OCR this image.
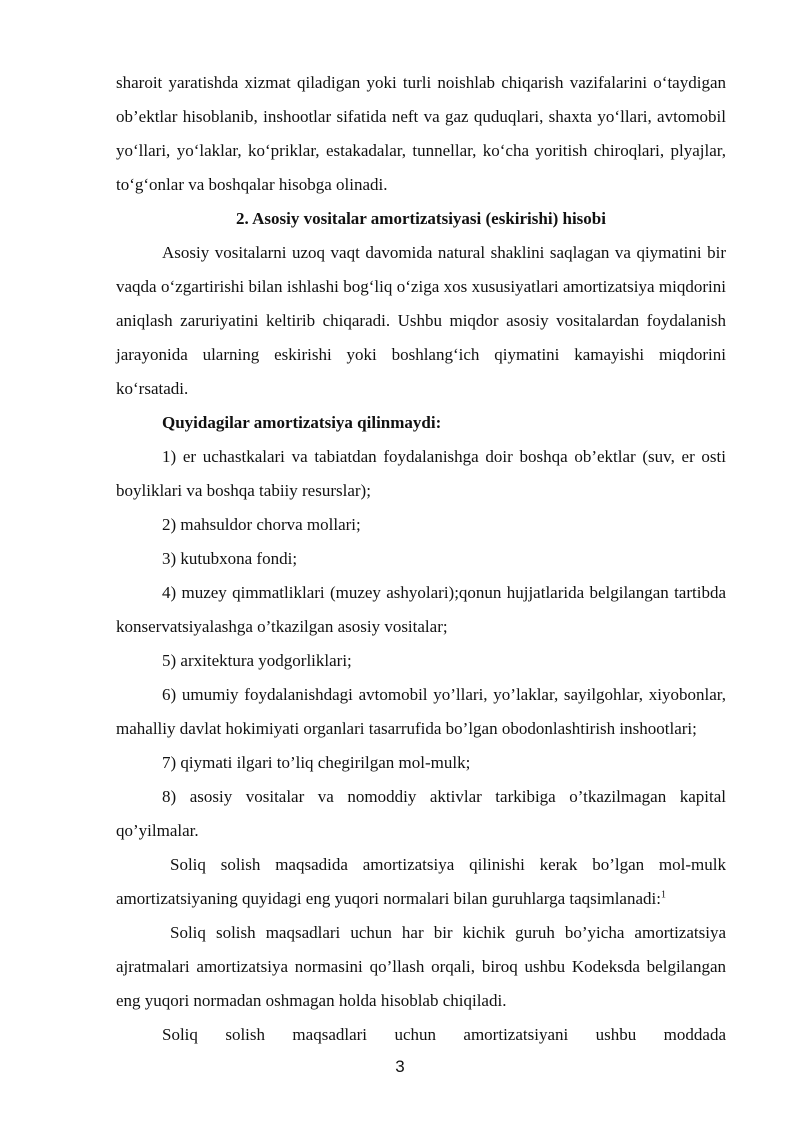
sharoit yaratishda xizmat qiladigan yoki turli noishlab chiqarish vazifalarini o‘taydigan ob’ektlar hisoblanib, inshootlar sifatida neft va gaz quduqlari, shaxta yo‘llari, avtomobil yo‘llari, yo‘laklar, ko‘priklar, estakadalar, tunnellar, ko‘cha yoritish chiroqlari, plyajlar, to‘g‘onlar va boshqalar hisobga olinadi.

2. Asosiy vositalar amortizatsiyasi (eskirishi) hisobi

Asosiy vositalarni uzoq vaqt davomida natural shaklini saqlagan va qiymatini bir vaqda o‘zgartirishi bilan ishlashi bog‘liq o‘ziga xos xususiyatlari amortizatsiya miqdorini aniqlash zaruriyatini keltirib chiqaradi. Ushbu miqdor asosiy vositalardan foydalanish jarayonida ularning eskirishi yoki boshlang‘ich qiymatini kamayishi miqdorini ko‘rsatadi.

Quyidagilar amortizatsiya qilinmaydi:

1) er uchastkalari va tabiatdan foydalanishga doir boshqa ob’ektlar (suv, er osti boyliklari va boshqa tabiiy resurslar);

2) mahsuldor chorva mollari;

3) kutubxona fondi;

4) muzey qimmatliklari (muzey ashyolari);qonun hujjatlarida belgilangan tartibda konservatsiyalashga o’tkazilgan asosiy vositalar;

5) arxitektura yodgorliklari;

6) umumiy foydalanishdagi avtomobil yo’llari, yo’laklar, sayilgohlar, xiyobonlar, mahalliy davlat hokimiyati organlari tasarrufida bo’lgan obodonlashtirish inshootlari;

7) qiymati ilgari to’liq chegirilgan mol-mulk;

8) asosiy vositalar va nomoddiy aktivlar tarkibiga o’tkazilmagan kapital qo’yilmalar.

Soliq solish maqsadida amortizatsiya qilinishi kerak bo’lgan mol-mulk amortizatsiyaning quyidagi eng yuqori normalari bilan guruhlarga taqsimlanadi:$^1$

Soliq solish maqsadlari uchun har bir kichik guruh bo’yicha amortizatsiya ajratmalari amortizatsiya normasini qo’llash orqali, biroq ushbu Kodeksda belgilangan eng yuqori normadan oshmagan holda hisoblab chiqiladi.

Soliq solish maqsadlari uchun amortizatsiyani ushbu moddada

3
